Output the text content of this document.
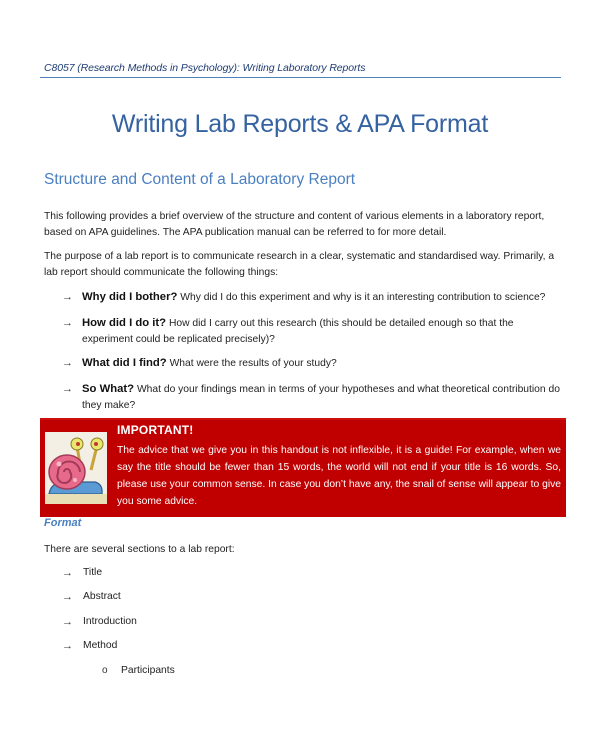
C8057 (Research Methods in Psychology): Writing Laboratory Reports
Writing Lab Reports & APA Format
Structure and Content of a Laboratory Report
This following provides a brief overview of the structure and content of various elements in a laboratory report, based on APA guidelines. The APA publication manual can be referred to for more detail.
The purpose of a lab report is to communicate research in a clear, systematic and standardised way. Primarily, a lab report should communicate the following things:
→ Why did I bother? Why did I do this experiment and why is it an interesting contribution to science?
→ How did I do it? How did I carry out this research (this should be detailed enough so that the experiment could be replicated precisely)?
→ What did I find? What were the results of your study?
→ So What? What do your findings mean in terms of your hypotheses and what theoretical contribution do they make?
IMPORTANT!
The advice that we give you in this handout is not inflexible, it is a guide! For example, when we say the title should be fewer than 15 words, the world will not end if your title is 16 words. So, please use your common sense. In case you don’t have any, the snail of sense will appear to give you some advice.
Format
There are several sections to a lab report:
→ Title
→ Abstract
→ Introduction
→ Method
o	Participants
